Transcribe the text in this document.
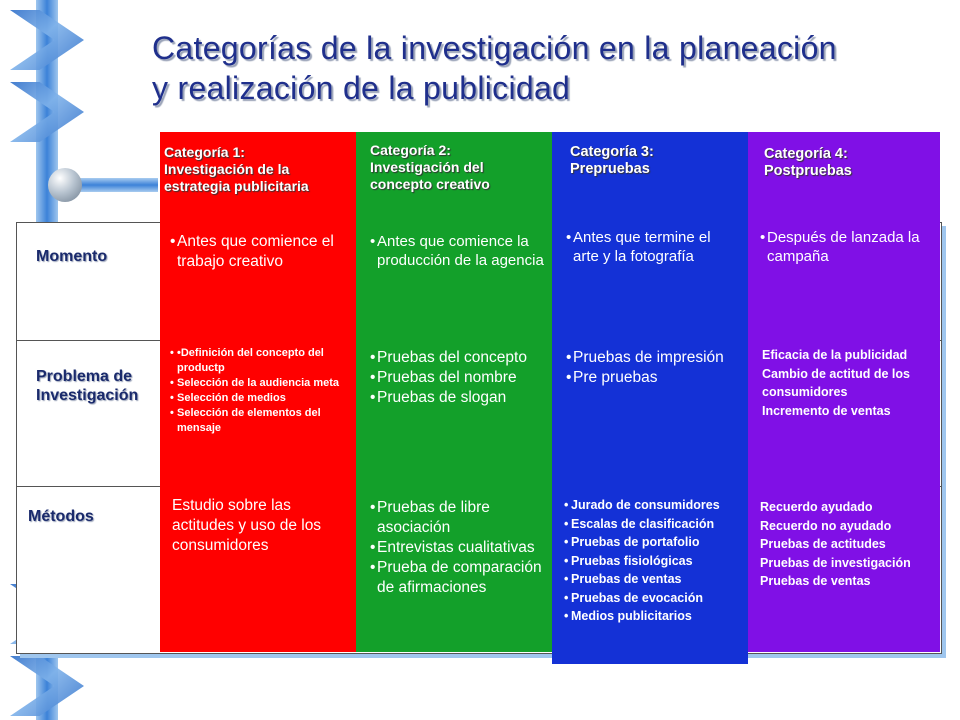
Categorías de la investigación en la planeación
y realización de la publicidad
Momento
Problema de
Investigación
Métodos
Categoría 1:
Investigación de la
estrategia publicitaria
Categoría 2:
Investigación del
concepto creativo
Categoría 3:
Prepruebas
Categoría 4:
Postpruebas
• Antes que comience el trabajo creativo
• Antes que comience la producción de la agencia
• Antes que termine el arte y la fotografía
• Después de lanzada la campaña
• •Definición del concepto del productp
• Selección de la audiencia meta
• Selección de medios
• Selección de elementos del mensaje
• Pruebas del concepto
• Pruebas del nombre
• Pruebas de slogan
• Pruebas de impresión
• Pre pruebas
Eficacia de la publicidad
Cambio de actitud de los consumidores
Incremento de ventas
Estudio sobre las actitudes y uso de los consumidores
• Pruebas de libre asociación
• Entrevistas cualitativas
• Prueba de comparación de afirmaciones
• Jurado de consumidores
• Escalas de clasificación
• Pruebas de portafolio
• Pruebas fisiológicas
• Pruebas de ventas
• Pruebas de evocación
• Medios publicitarios
Recuerdo ayudado
Recuerdo no ayudado
Pruebas de actitudes
Pruebas de investigación
Pruebas de ventas
